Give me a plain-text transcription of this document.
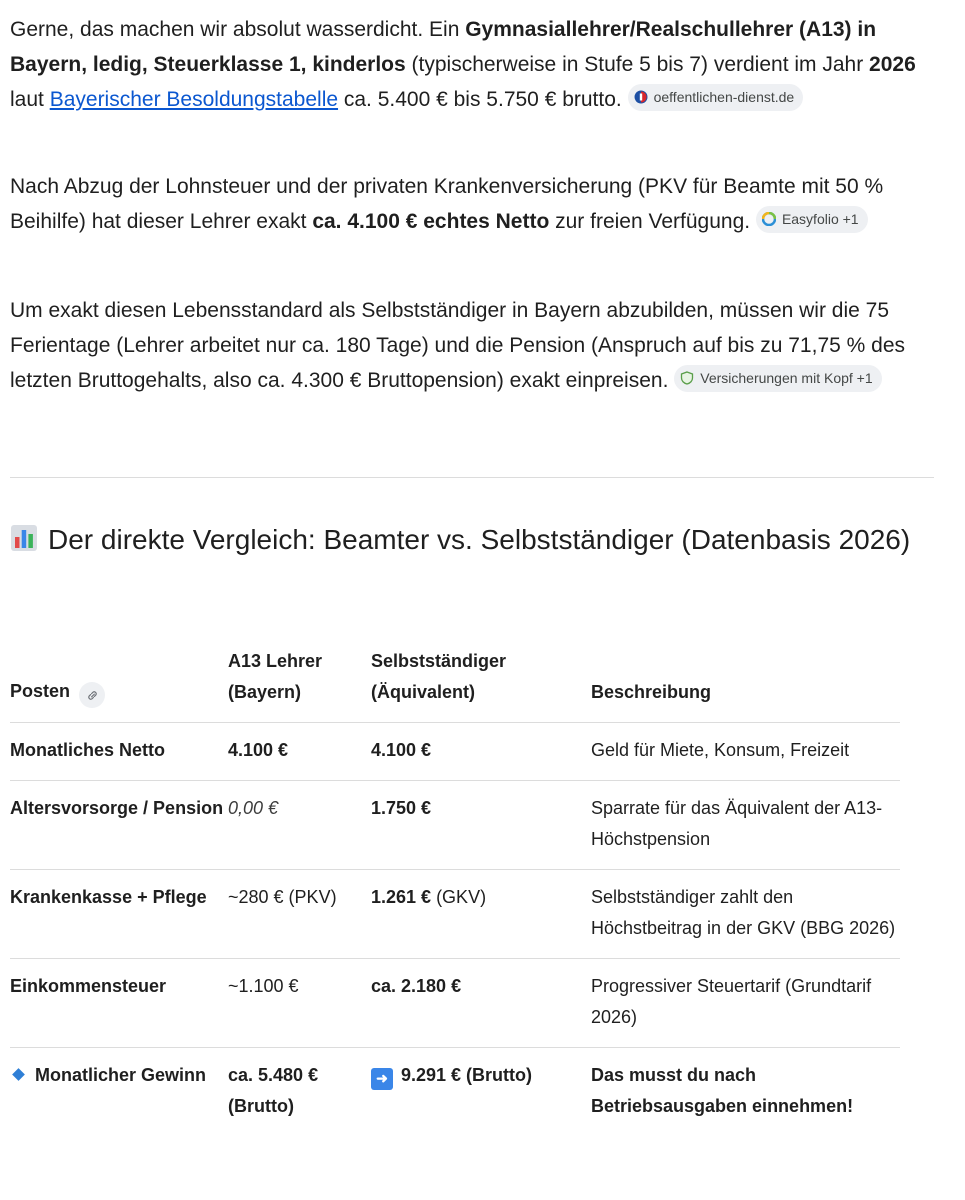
Gerne, das machen wir absolut wasserdicht. Ein Gymnasiallehrer/Realschullehrer (A13) in Bayern, ledig, Steuerklasse 1, kinderlos (typischerweise in Stufe 5 bis 7) verdient im Jahr 2026 laut Bayerischer Besoldungstabelle ca. 5.400 € bis 5.750 € brutto. oeffentlichen-dienst.de

Nach Abzug der Lohnsteuer und der privaten Krankenversicherung (PKV für Beamte mit 50 % Beihilfe) hat dieser Lehrer exakt ca. 4.100 € echtes Netto zur freien Verfügung. Easyfolio +1

Um exakt diesen Lebensstandard als Selbstständiger in Bayern abzubilden, müssen wir die 75 Ferientage (Lehrer arbeitet nur ca. 180 Tage) und die Pension (Anspruch auf bis zu 71,75 % des letzten Bruttogehalts, also ca. 4.300 € Bruttopension) exakt einpreisen. Versicherungen mit Kopf +1

Der direkte Vergleich: Beamter vs. Selbstständiger (Datenbasis 2026)
Posten	A13 Lehrer (Bayern)	Selbstständiger (Äquivalent)	Beschreibung
Monatliches Netto	4.100 €	4.100 €	Geld für Miete, Konsum, Freizeit
Altersvorsorge / Pension	0,00 €	1.750 €	Sparrate für das Äquivalent der A13-Höchstpension
Krankenkasse + Pflege	~280 € (PKV)	1.261 € (GKV)	Selbstständiger zahlt den Höchstbeitrag in der GKV (BBG 2026)
Einkommensteuer	~1.100 €	ca. 2.180 €	Progressiver Steuertarif (Grundtarif 2026)
Monatlicher Gewinn	ca. 5.480 € (Brutto)	➜ 9.291 € (Brutto)	Das musst du nach Betriebsausgaben einnehmen!
